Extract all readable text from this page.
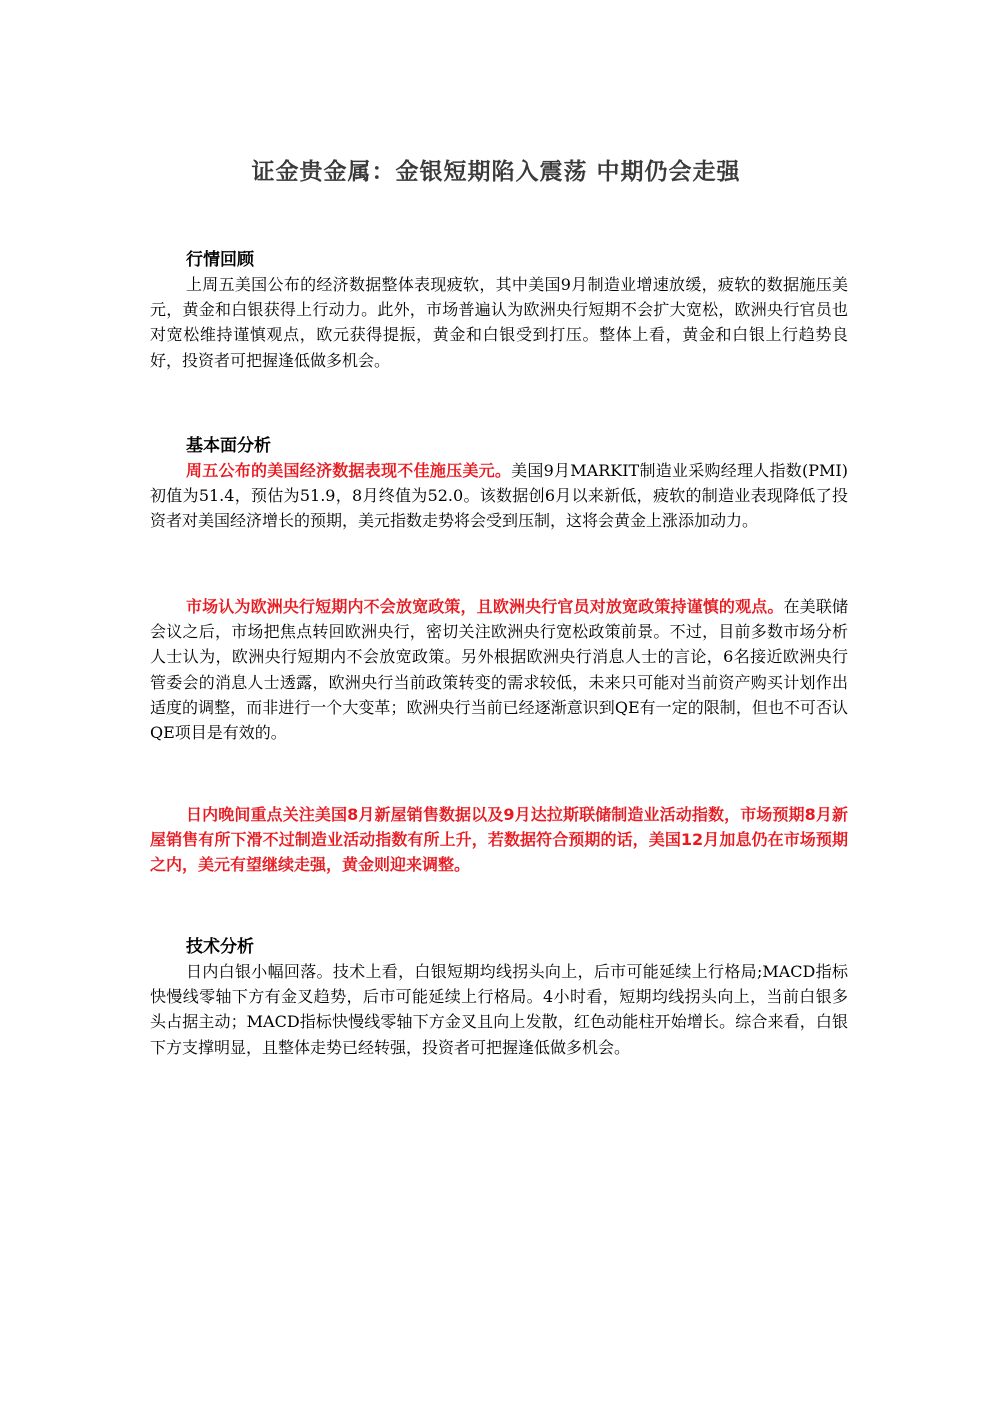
证金贵金属：金银短期陷入震荡 中期仍会走强
行情回顾

上周五美国公布的经济数据整体表现疲软，其中美国9月制造业增速放缓，疲软的数据施压美元，黄金和白银获得上行动力。此外，市场普遍认为欧洲央行短期不会扩大宽松，欧洲央行官员也对宽松维持谨慎观点，欧元获得提振，黄金和白银受到打压。整体上看，黄金和白银上行趋势良好，投资者可把握逢低做多机会。

基本面分析

周五公布的美国经济数据表现不佳施压美元。美国9月MARKIT制造业采购经理人指数(PMI)初值为51.4，预估为51.9，8月终值为52.0。该数据创6月以来新低，疲软的制造业表现降低了投资者对美国经济增长的预期，美元指数走势将会受到压制，这将会黄金上涨添加动力。

市场认为欧洲央行短期内不会放宽政策，且欧洲央行官员对放宽政策持谨慎的观点。在美联储会议之后，市场把焦点转回欧洲央行，密切关注欧洲央行宽松政策前景。不过，目前多数市场分析人士认为，欧洲央行短期内不会放宽政策。另外根据欧洲央行消息人士的言论，6名接近欧洲央行管委会的消息人士透露，欧洲央行当前政策转变的需求较低，未来只可能对当前资产购买计划作出适度的调整，而非进行一个大变革；欧洲央行当前已经逐渐意识到QE有一定的限制，但也不可否认QE项目是有效的。

日内晚间重点关注美国8月新屋销售数据以及9月达拉斯联储制造业活动指数，市场预期8月新屋销售有所下滑不过制造业活动指数有所上升，若数据符合预期的话，美国12月加息仍在市场预期之内，美元有望继续走强，黄金则迎来调整。

技术分析

日内白银小幅回落。技术上看，白银短期均线拐头向上，后市可能延续上行格局;MACD指标快慢线零轴下方有金叉趋势，后市可能延续上行格局。4小时看，短期均线拐头向上，当前白银多头占据主动；MACD指标快慢线零轴下方金叉且向上发散，红色动能柱开始增长。综合来看，白银下方支撑明显，且整体走势已经转强，投资者可把握逢低做多机会。
